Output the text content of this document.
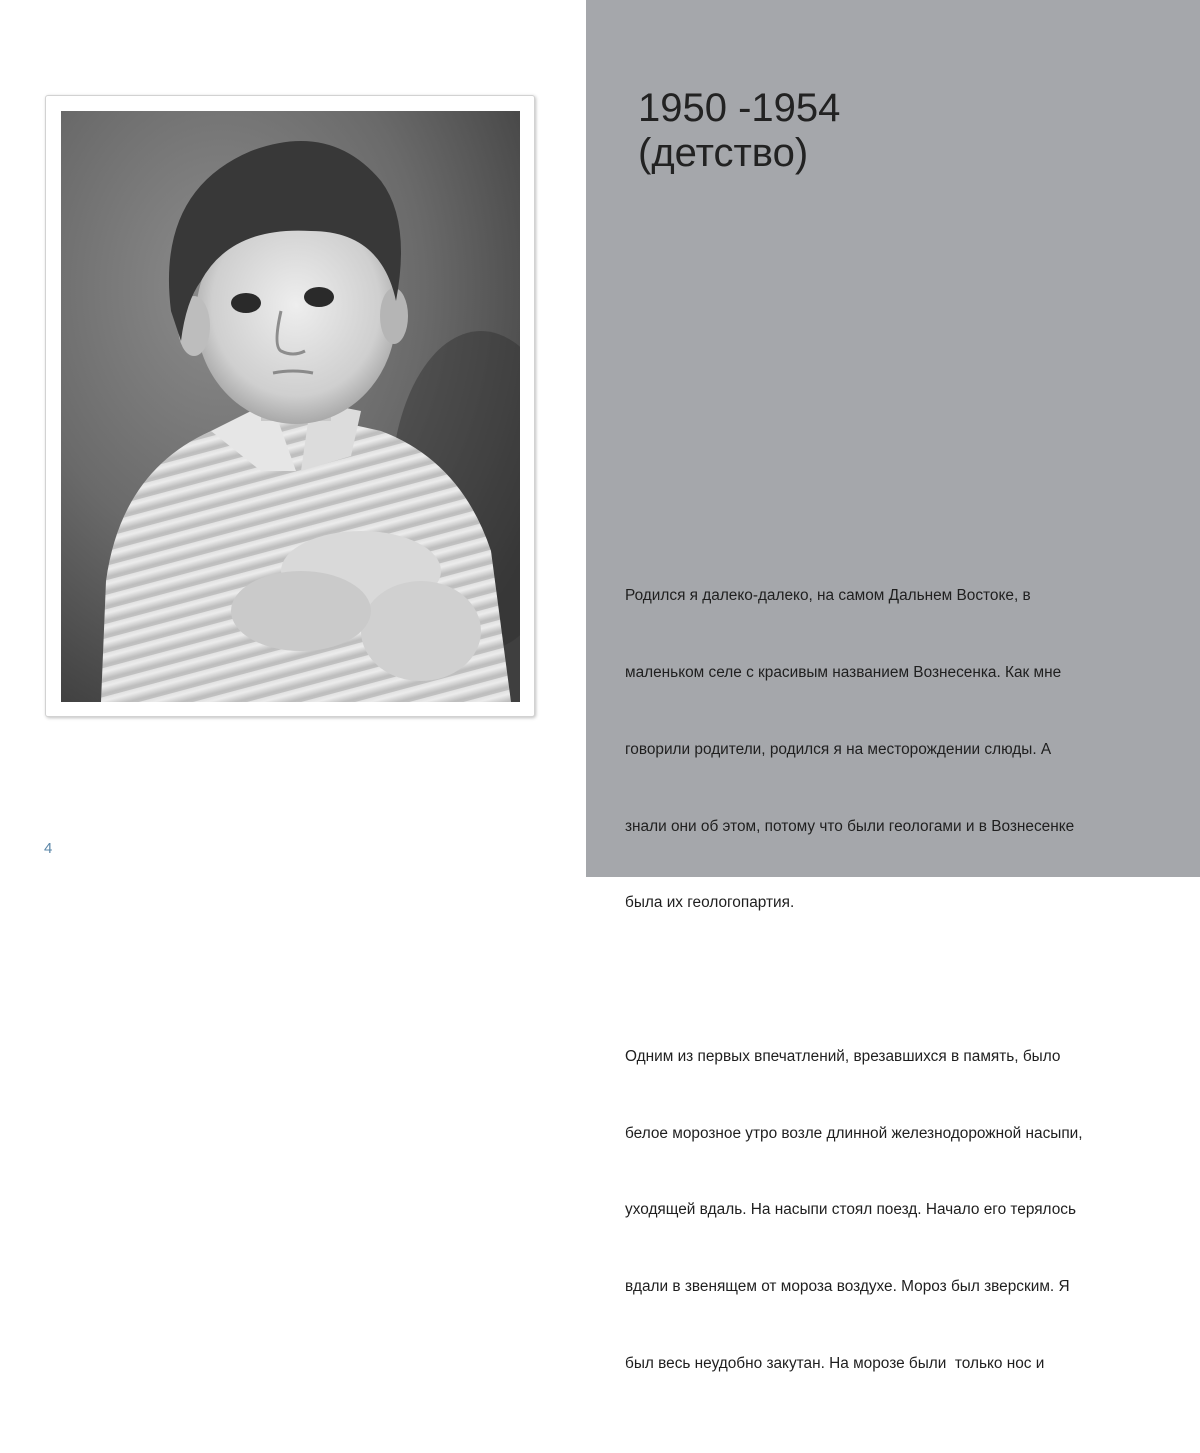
4
1950 -1954
(детство)

Родился я далеко-далеко, на самом Дальнем Востоке, в

маленьком селе с красивым названием Вознесенка. Как мне

говорили родители, родился я на месторождении слюды. А

знали они об этом, потому что были геологами и в Вознесенке

была их геологопартия.

Одним из первых впечатлений, врезавшихся в память, было

белое морозное утро возле длинной железнодорожной насыпи,

уходящей вдаль. На насыпи стоял поезд. Начало его терялось

вдали в звенящем от мороза воздухе. Мороз был зверским. Я

был весь неудобно закутан. На морозе были  только нос и
